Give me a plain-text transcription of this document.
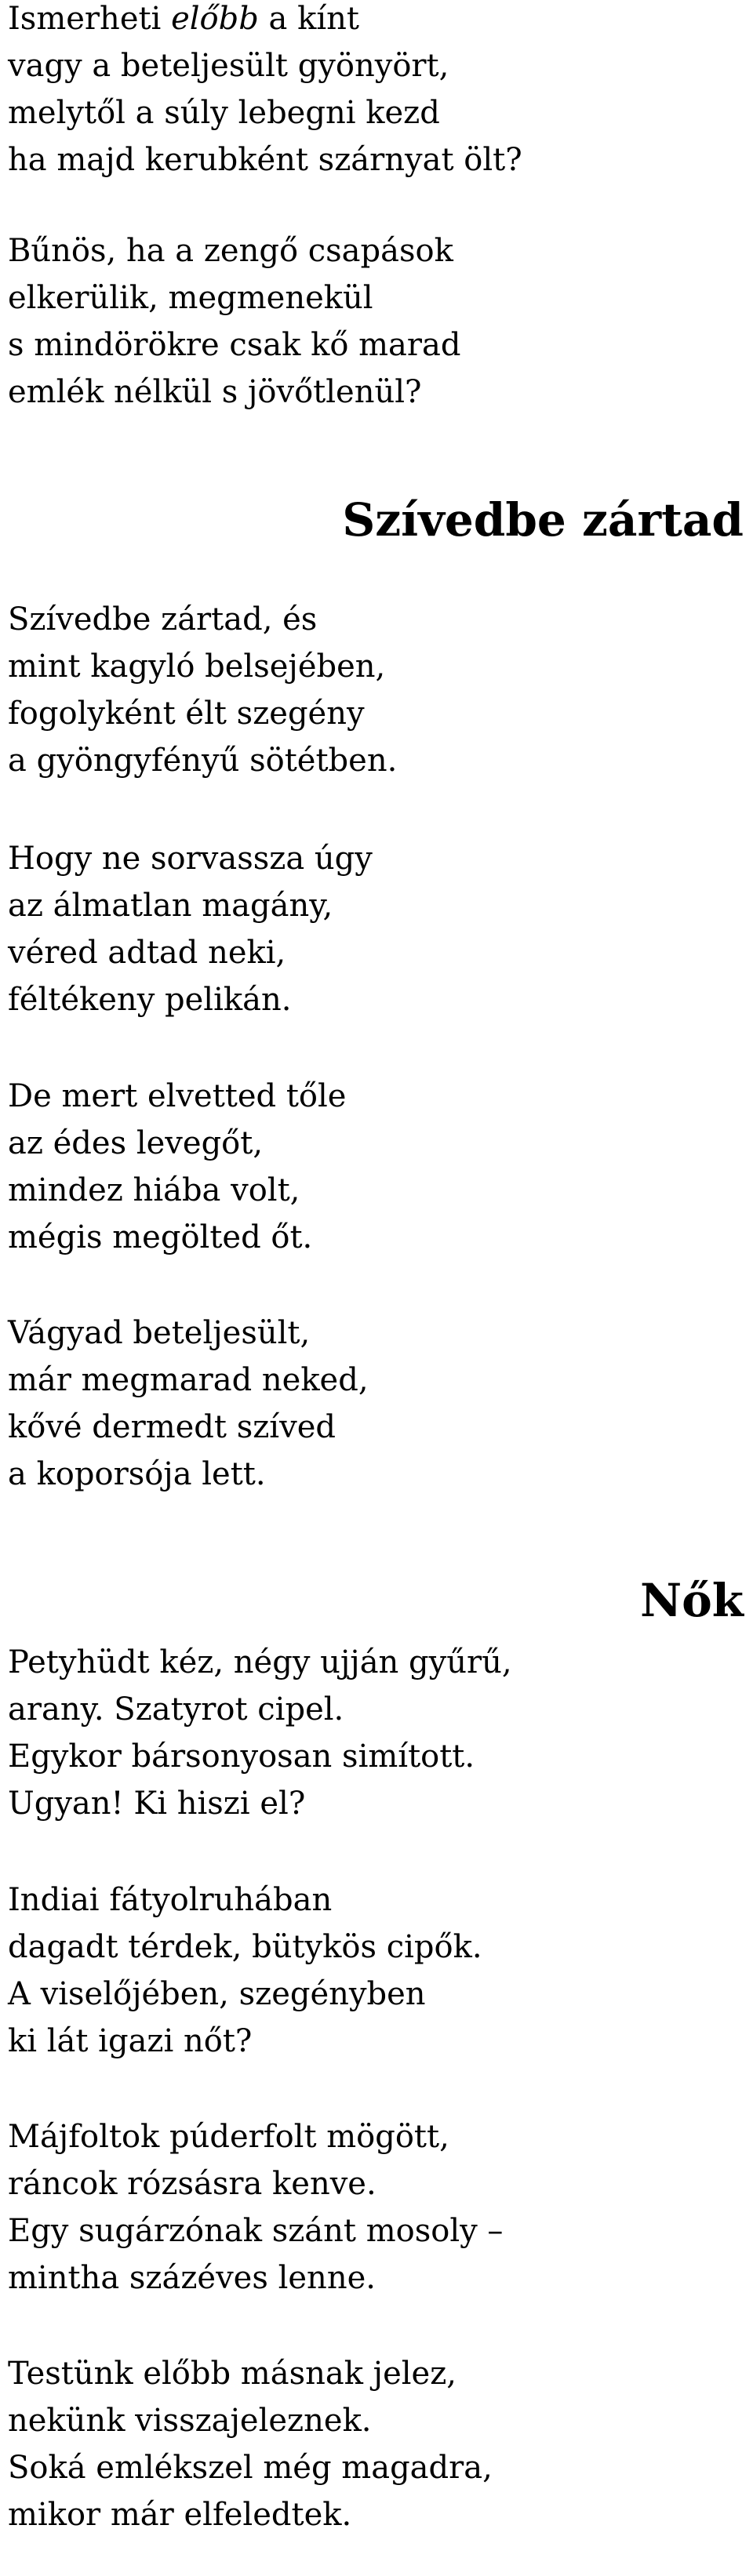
Ismerheti előbb a kínt
vagy a beteljesült gyönyört,
melytől a súly lebegni kezd
ha majd kerubként szárnyat ölt?
Bűnös, ha a zengő csapások
elkerülik, megmenekül
s mindörökre csak kő marad
emlék nélkül s jövőtlenül?
Szívedbe zártad
Szívedbe zártad, és
mint kagyló belsejében,
fogolyként élt szegény
a gyöngyfényű sötétben.
Hogy ne sorvassza úgy
az álmatlan magány,
véred adtad neki,
féltékeny pelikán.
De mert elvetted tőle
az édes levegőt,
mindez hiába volt,
mégis megölted őt.
Vágyad beteljesült,
már megmarad neked,
kővé dermedt szíved
a koporsója lett.
Nők
Petyhüdt kéz, négy ujján gyűrű,
arany. Szatyrot cipel.
Egykor bársonyosan simított.
Ugyan! Ki hiszi el?
Indiai fátyolruhában
dagadt térdek, bütykös cipők.
A viselőjében, szegényben
ki lát igazi nőt?
Májfoltok púderfolt mögött,
ráncok rózsásra kenve.
Egy sugárzónak szánt mosoly –
mintha százéves lenne.
Testünk előbb másnak jelez,
nekünk visszajeleznek.
Soká emlékszel még magadra,
mikor már elfeledtek.
